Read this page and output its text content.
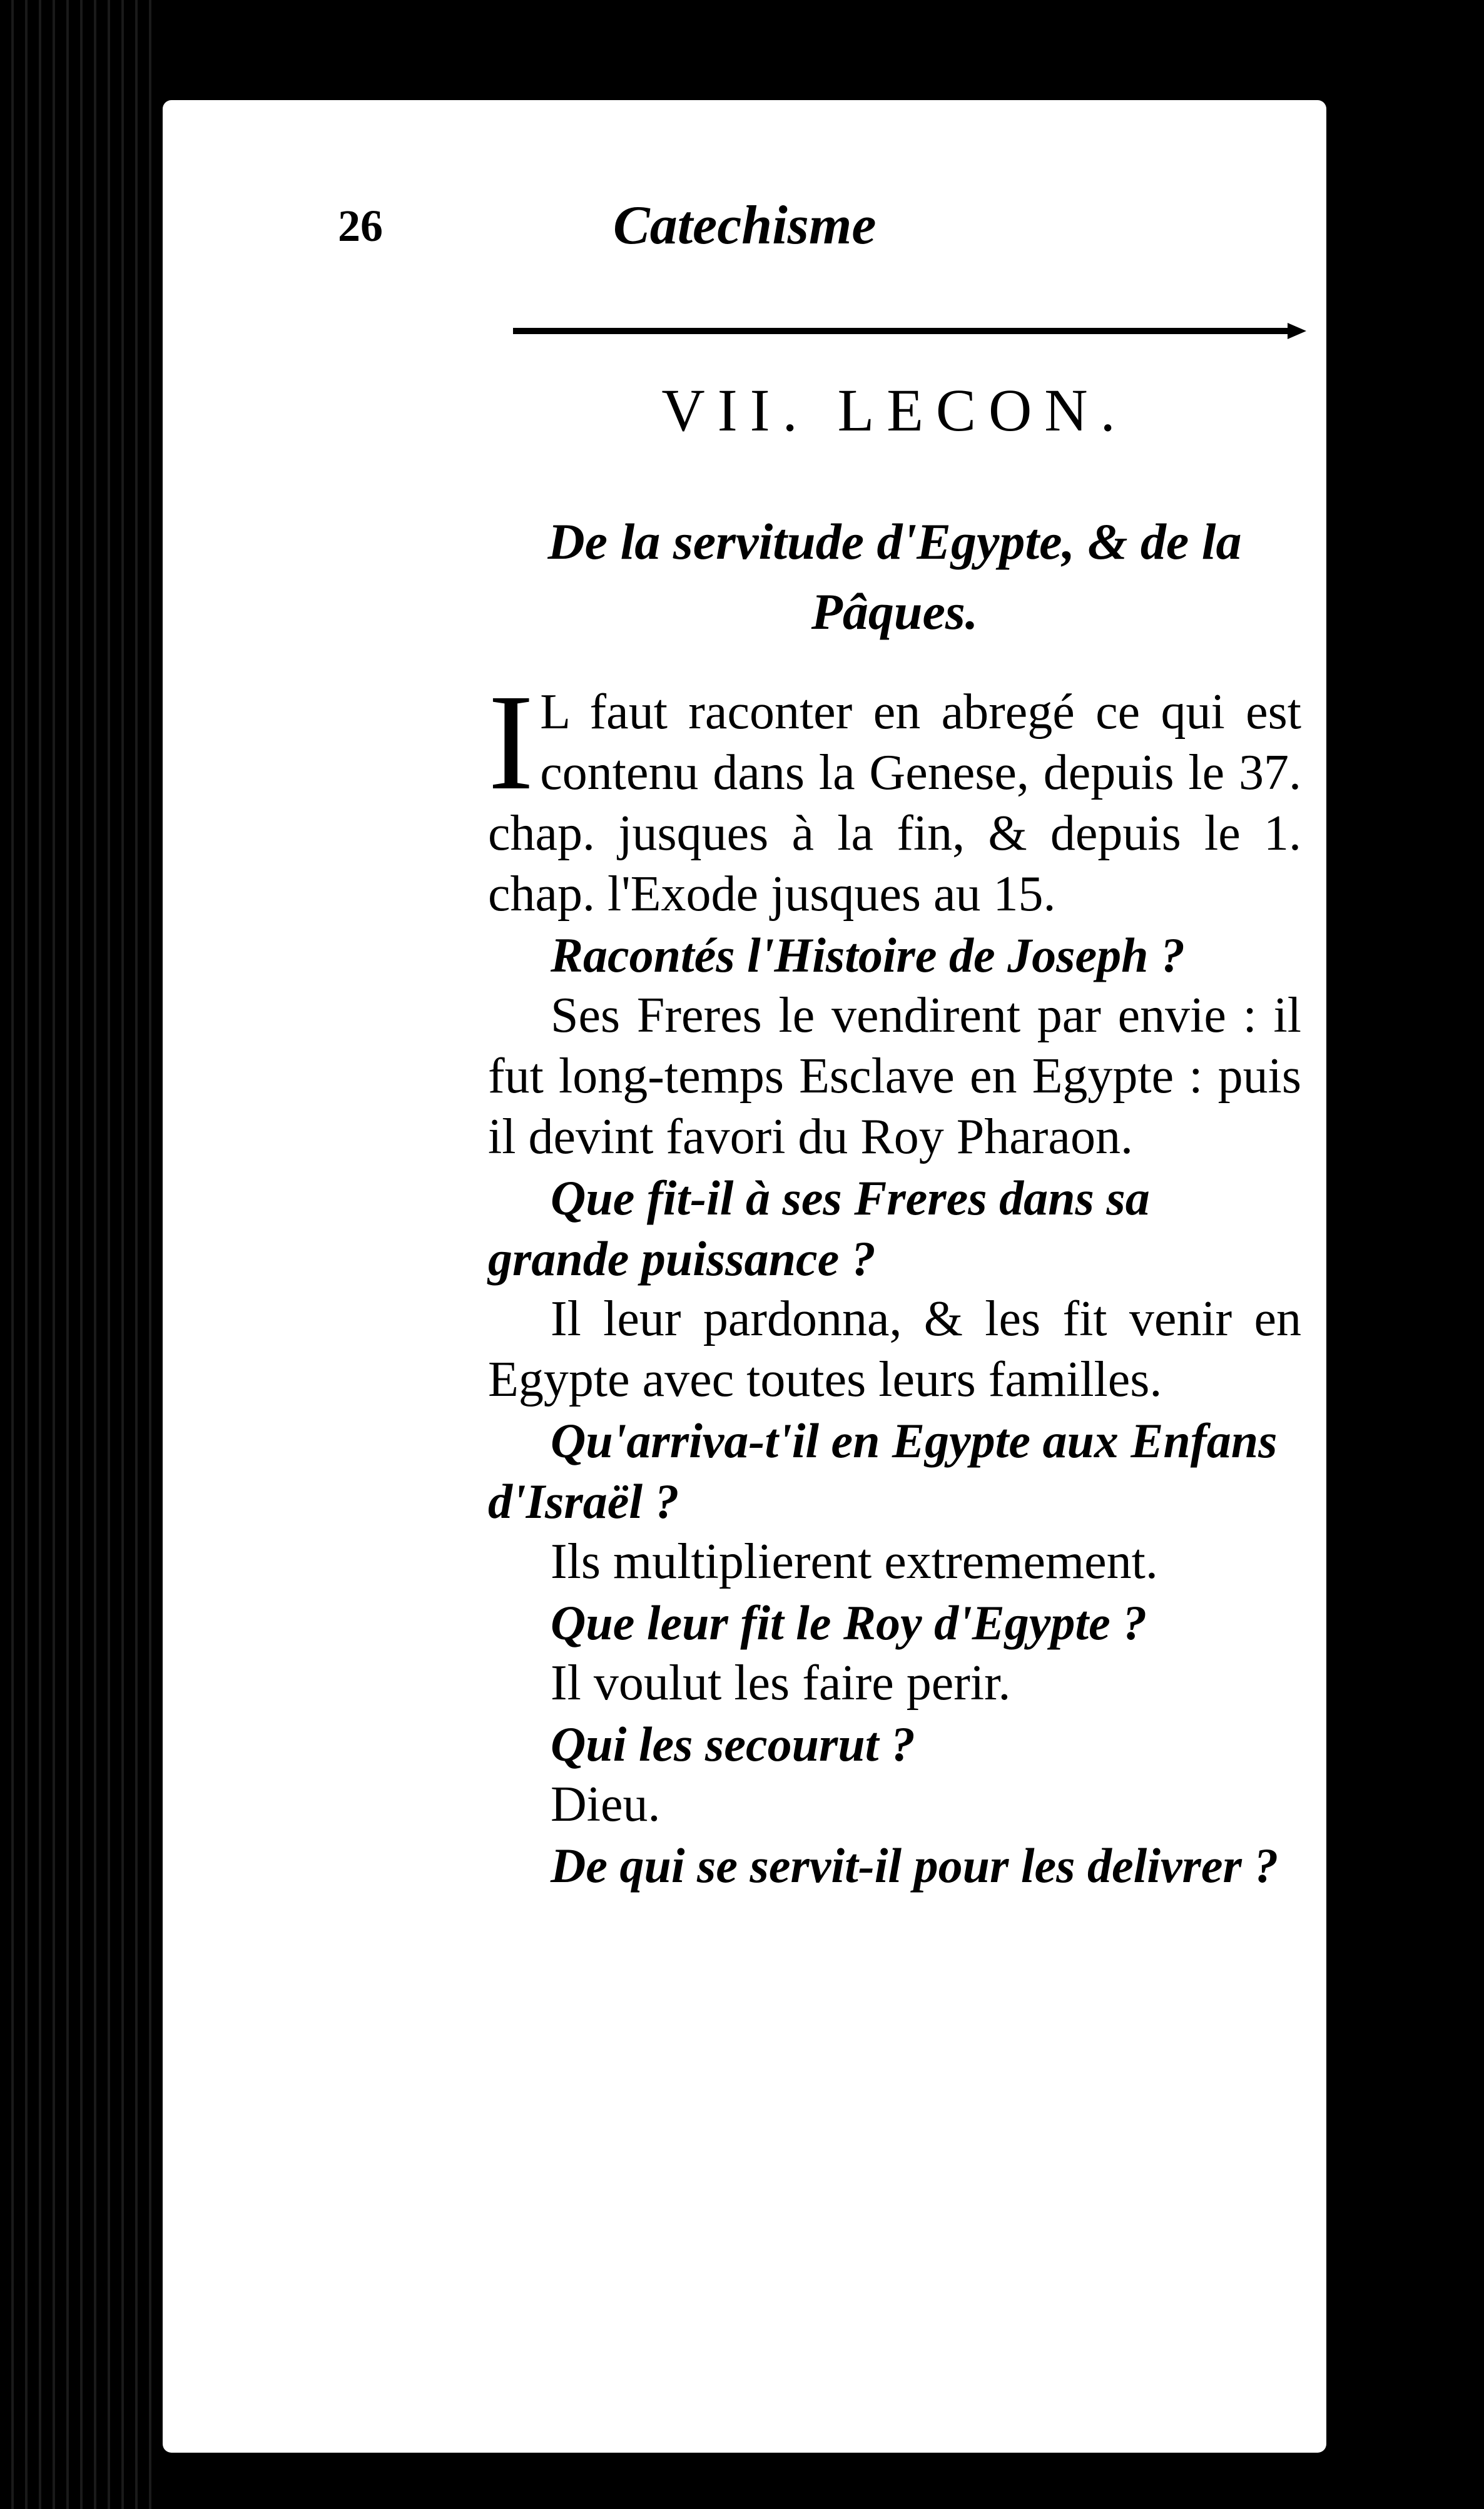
26	Catechisme
VII. LECON.
De la servitude d'Egypte, & de la
Pâques.

I L faut raconter en abregé ce qui est contenu dans la Genese, depuis le 37. chap. jusques à la fin, & depuis le 1. chap. l'Exode jusques au 15.

Racontés l'Histoire de Joseph ?

Ses Freres le vendirent par envie : il fut long-temps Esclave en Egypte : puis il devint favori du Roy Pharaon.

Que fit-il à ses Freres dans sa grande puissance ?

Il leur pardonna, & les fit venir en Egypte avec toutes leurs familles.

Qu'arriva-t'il en Egypte aux Enfans d'Israël ?

Ils multiplierent extremement.

Que leur fit le Roy d'Egypte ?

Il voulut les faire perir.

Qui les secourut ?

Dieu.

De qui se servit-il pour les delivrer ?
